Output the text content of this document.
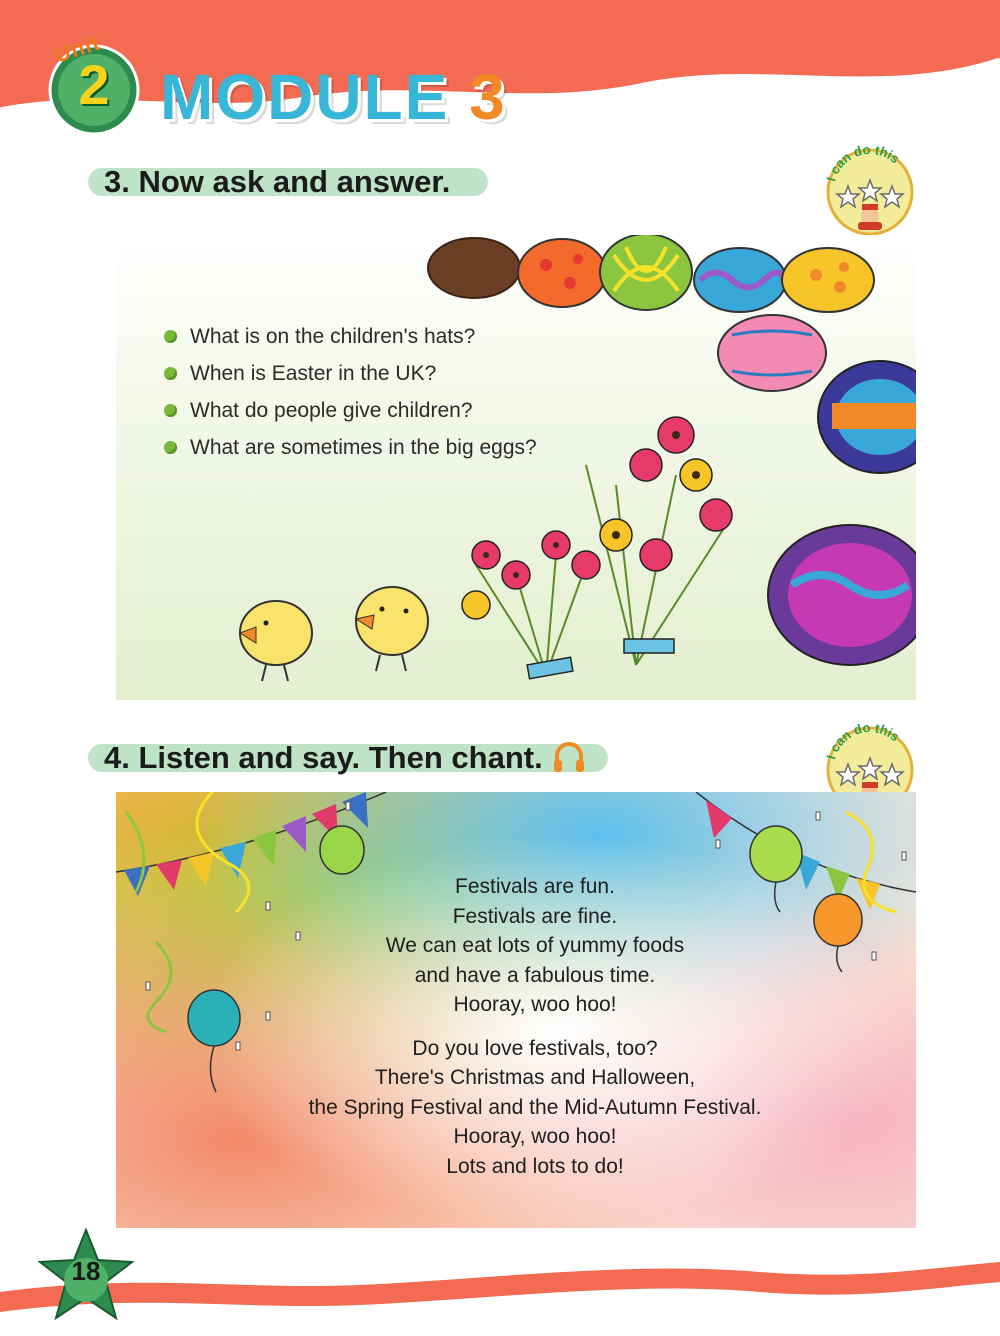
Unit
2 MODULE 3
3. Now ask and answer.	I can do this
What is on the children's hats?
When is Easter in the UK?
What do people give children?
What are sometimes in the big eggs?
4. Listen and say. Then chant.	I can do this
Festivals are fun.
Festivals are fine.
We can eat lots of yummy foods
and have a fabulous time.
Hooray, woo hoo!
Do you love festivals, too?
There's Christmas and Halloween,
the Spring Festival and the Mid-Autumn Festival.
Hooray, woo hoo!
Lots and lots to do!
18
